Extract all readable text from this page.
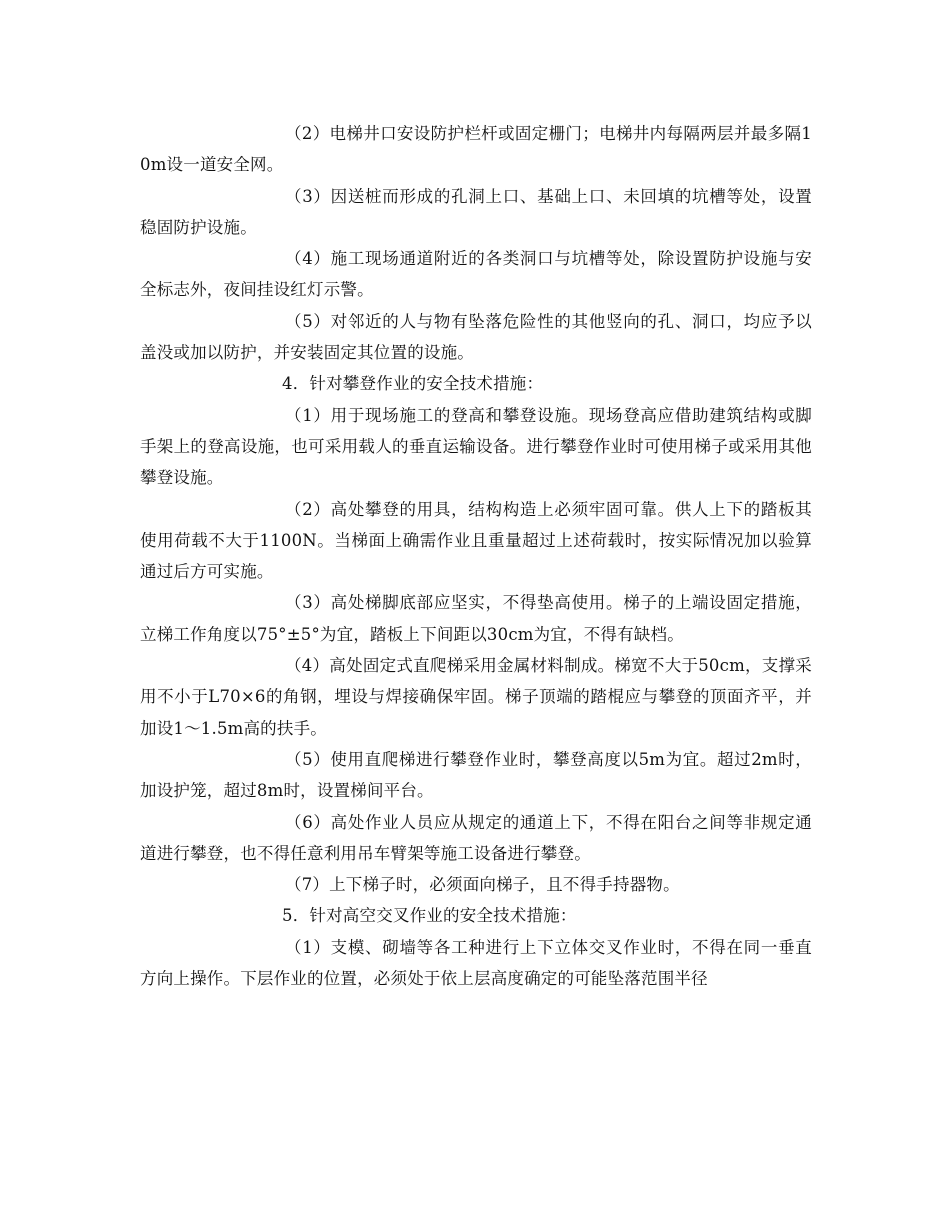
（2）电梯井口安设防护栏杆或固定栅门；电梯井内每隔两层并最多隔10m设一道安全网。

（3）因送桩而形成的孔洞上口、基础上口、未回填的坑槽等处，设置稳固防护设施。

（4）施工现场通道附近的各类洞口与坑槽等处，除设置防护设施与安全标志外，夜间挂设红灯示警。

（5）对邻近的人与物有坠落危险性的其他竖向的孔、洞口，均应予以盖没或加以防护，并安装固定其位置的设施。

4．针对攀登作业的安全技术措施：

（1）用于现场施工的登高和攀登设施。现场登高应借助建筑结构或脚手架上的登高设施，也可采用载人的垂直运输设备。进行攀登作业时可使用梯子或采用其他攀登设施。

（2）高处攀登的用具，结构构造上必须牢固可靠。供人上下的踏板其使用荷载不大于1100N。当梯面上确需作业且重量超过上述荷载时，按实际情况加以验算通过后方可实施。

（3）高处梯脚底部应坚实，不得垫高使用。梯子的上端设固定措施，立梯工作角度以75°±5°为宜，踏板上下间距以30cm为宜，不得有缺档。

（4）高处固定式直爬梯采用金属材料制成。梯宽不大于50cm，支撑采用不小于L70×6的角钢，埋设与焊接确保牢固。梯子顶端的踏棍应与攀登的顶面齐平，并加设1～1.5m高的扶手。

（5）使用直爬梯进行攀登作业时，攀登高度以5m为宜。超过2m时，加设护笼，超过8m时，设置梯间平台。

（6）高处作业人员应从规定的通道上下，不得在阳台之间等非规定通道进行攀登，也不得任意利用吊车臂架等施工设备进行攀登。

（7）上下梯子时，必须面向梯子，且不得手持器物。

5．针对高空交叉作业的安全技术措施：

（1）支模、砌墙等各工种进行上下立体交叉作业时，不得在同一垂直方向上操作。下层作业的位置，必须处于依上层高度确定的可能坠落范围半径
